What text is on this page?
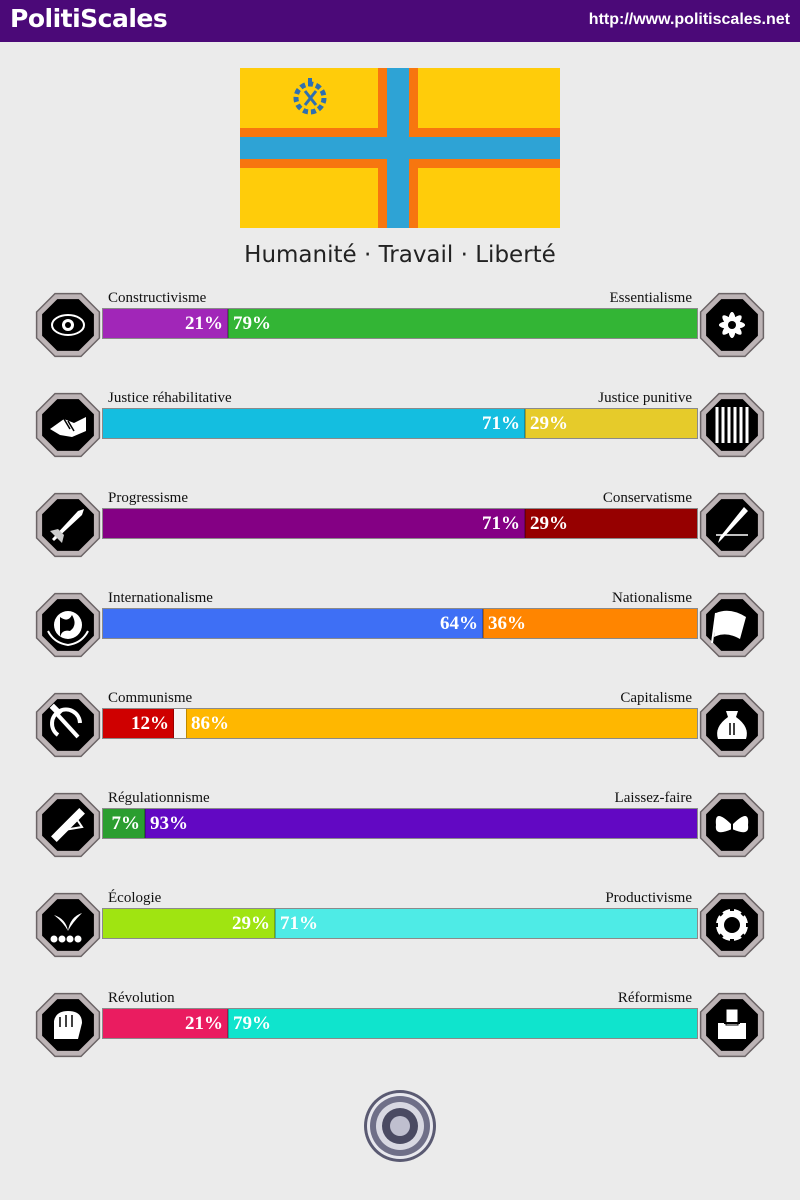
PolitiScales	http://www.politiscales.net
Humanité · Travail · Liberté
Constructivisme	Essentialisme
21% 79%
Justice réhabilitative	Justice punitive
71% 29%
Progressisme	Conservatisme
71% 29%
Internationalisme	Nationalisme
64% 36%
Communisme	Capitalisme
12% 86%
Régulationnisme	Laissez-faire
7% 93%
Écologie	Productivisme
29% 71%
Révolution	Réformisme
21% 79%
